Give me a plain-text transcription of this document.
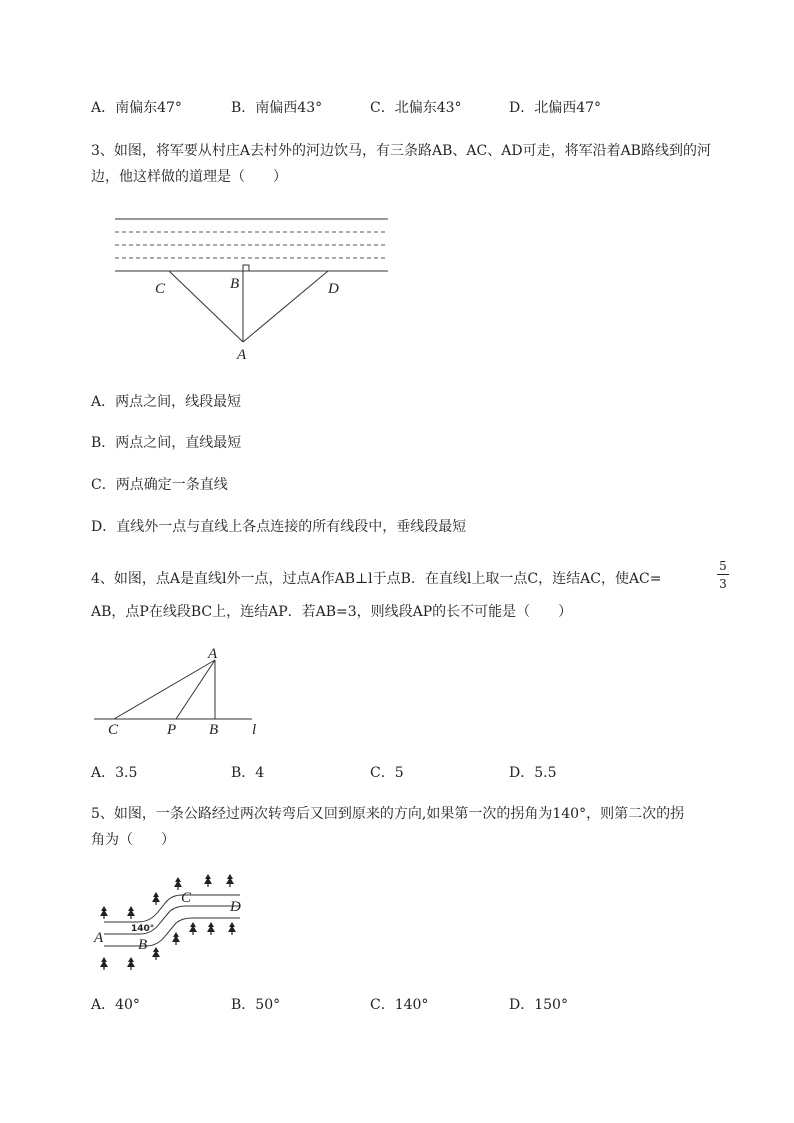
A．南偏东47°	B．南偏西43°	C．北偏东43°	D．北偏西47°
3、如图，将军要从村庄A去村外的河边饮马，有三条路AB、AC、AD可走，将军沿着AB路线到的河
边，他这样做的道理是（　　）
C	B	D
A
A．两点之间，线段最短
B．两点之间，直线最短
C．两点确定一条直线
D．直线外一点与直线上各点连接的所有线段中，垂线段最短
4、如图，点A是直线l外一点，过点A作AB⊥l于点B．在直线l上取一点C，连结AC，使AC=
5
3
AB，点P在线段BC上，连结AP．若AB=3，则线段AP的长不可能是（　　）
A
C	P B l
A．3.5	B．4	C．5	D．5.5
5、如图，一条公路经过两次转弯后又回到原来的方向,如果第一次的拐角为140°，则第二次的拐
角为（　　）
A B
C
D
140°
A．40°	B．50°	C．140°	D．150°
